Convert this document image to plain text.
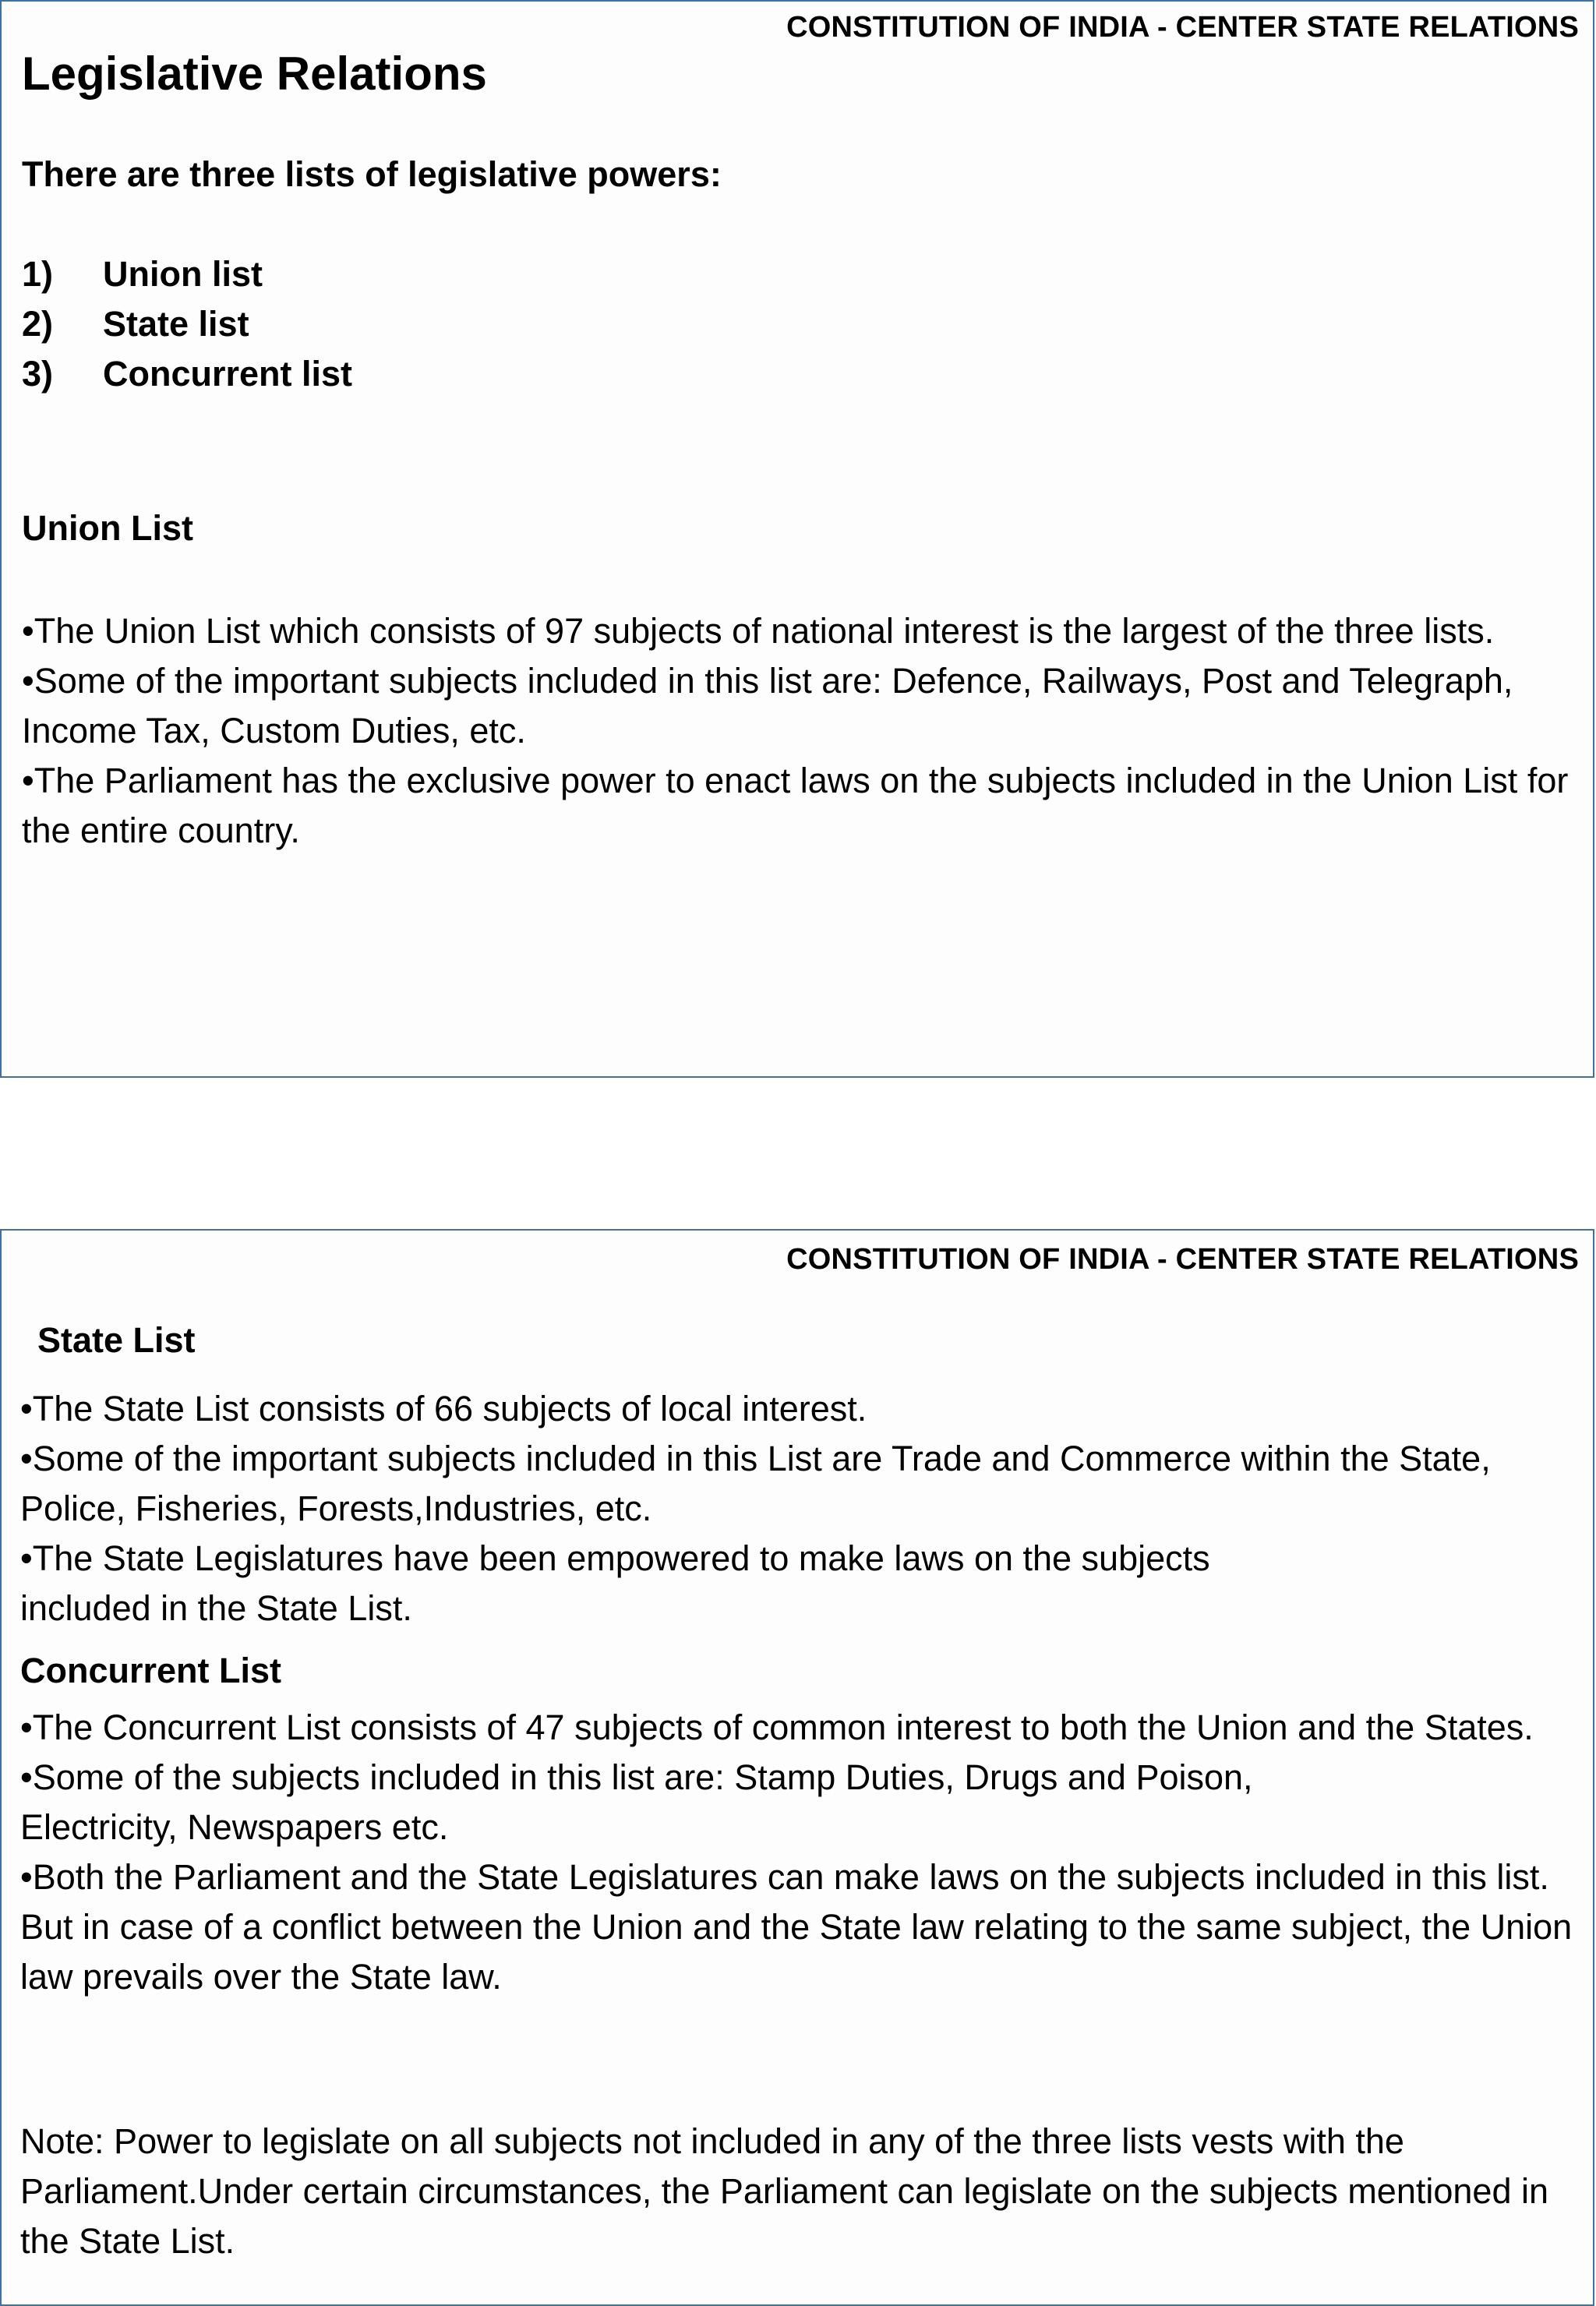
CONSTITUTION OF INDIA - CENTER STATE RELATIONS
Legislative Relations
There are three lists of legislative powers:
1) Union list
2) State list
3) Concurrent list
Union List
•The Union List which consists of 97 subjects of national interest is the largest of the three lists.
•Some of the important subjects included in this list are: Defence, Railways, Post and Telegraph, Income Tax, Custom Duties, etc.
•The Parliament has the exclusive power to enact laws on the subjects included in the Union List for the entire country.
CONSTITUTION OF INDIA - CENTER STATE RELATIONS
State List
•The State List consists of 66 subjects of local interest.
•Some of the important subjects included in this List are Trade and Commerce within the State, Police, Fisheries, Forests,Industries, etc.
•The State Legislatures have been empowered to make laws on the subjects included in the State List.
Concurrent List
•The Concurrent List consists of 47 subjects of common interest to both the Union and the States.
•Some of the subjects included in this list are: Stamp Duties, Drugs and Poison, Electricity, Newspapers etc.
•Both the Parliament and the State Legislatures can make laws on the subjects included in this list. But in case of a conflict between the Union and the State law relating to the same subject, the Union law prevails over the State law.
Note: Power to legislate on all subjects not included in any of the three lists vests with the Parliament.Under certain circumstances, the Parliament can legislate on the subjects mentioned in the State List.
